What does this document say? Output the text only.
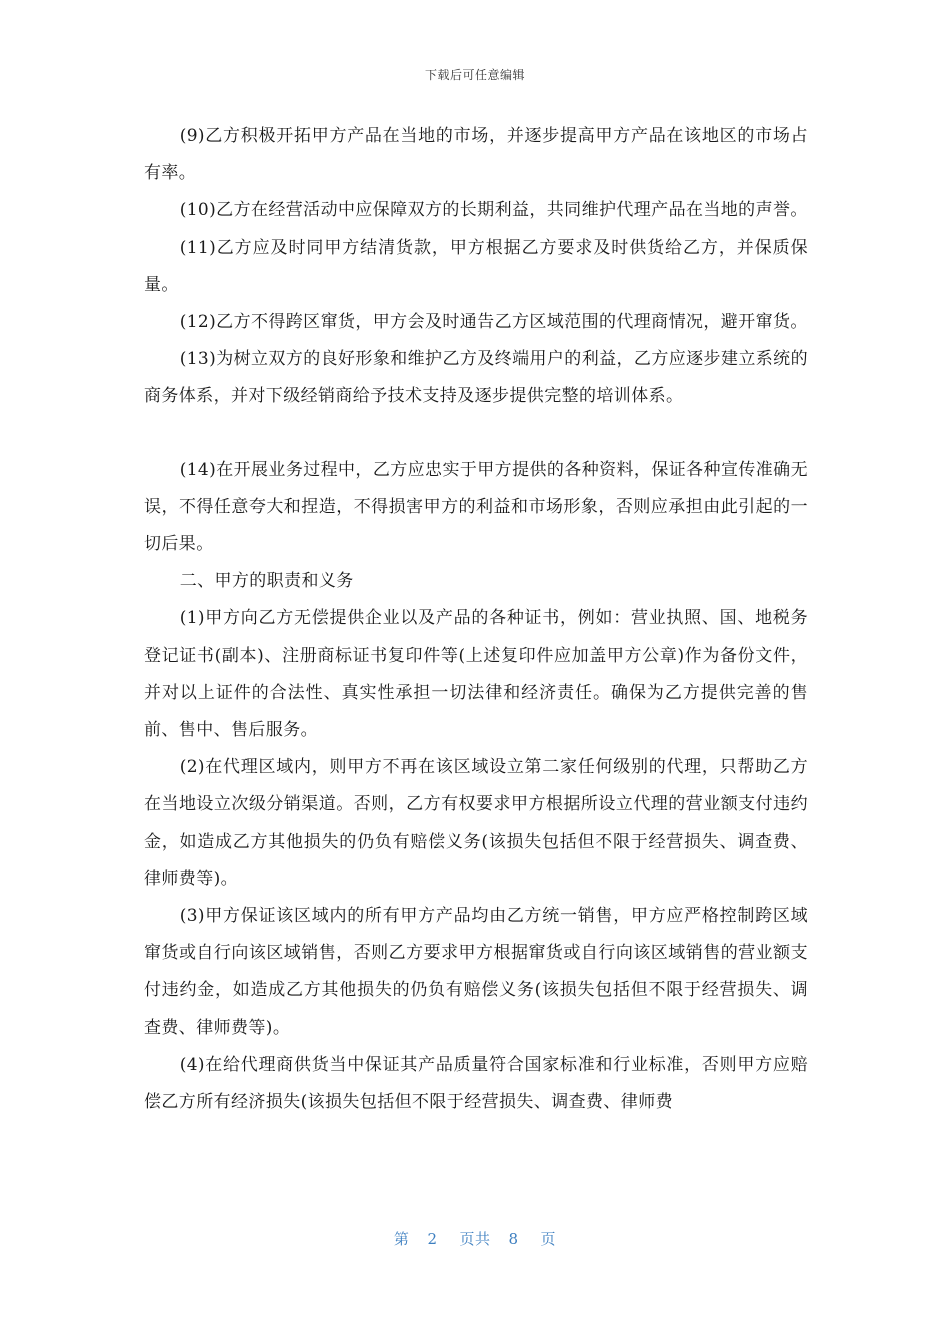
下载后可任意编辑

(9)乙方积极开拓甲方产品在当地的市场，并逐步提高甲方产品在该地区的市场占有率。

(10)乙方在经营活动中应保障双方的长期利益，共同维护代理产品在当地的声誉。

(11)乙方应及时同甲方结清货款，甲方根据乙方要求及时供货给乙方，并保质保量。

(12)乙方不得跨区窜货，甲方会及时通告乙方区域范围的代理商情况，避开窜货。

(13)为树立双方的良好形象和维护乙方及终端用户的利益，乙方应逐步建立系统的商务体系，并对下级经销商给予技术支持及逐步提供完整的培训体系。

(14)在开展业务过程中，乙方应忠实于甲方提供的各种资料，保证各种宣传准确无误，不得任意夸大和捏造，不得损害甲方的利益和市场形象，否则应承担由此引起的一切后果。

二、甲方的职责和义务

(1)甲方向乙方无偿提供企业以及产品的各种证书，例如：营业执照、国、地税务登记证书(副本)、注册商标证书复印件等(上述复印件应加盖甲方公章)作为备份文件，并对以上证件的合法性、真实性承担一切法律和经济责任。确保为乙方提供完善的售前、售中、售后服务。

(2)在代理区域内，则甲方不再在该区域设立第二家任何级别的代理，只帮助乙方在当地设立次级分销渠道。否则，乙方有权要求甲方根据所设立代理的营业额支付违约金，如造成乙方其他损失的仍负有赔偿义务(该损失包括但不限于经营损失、调查费、律师费等)。

(3)甲方保证该区域内的所有甲方产品均由乙方统一销售，甲方应严格控制跨区域窜货或自行向该区域销售，否则乙方要求甲方根据窜货或自行向该区域销售的营业额支付违约金，如造成乙方其他损失的仍负有赔偿义务(该损失包括但不限于经营损失、调查费、律师费等)。

(4)在给代理商供货当中保证其产品质量符合国家标准和行业标准，否则甲方应赔偿乙方所有经济损失(该损失包括但不限于经营损失、调查费、律师费

第 2 页共 8 页
